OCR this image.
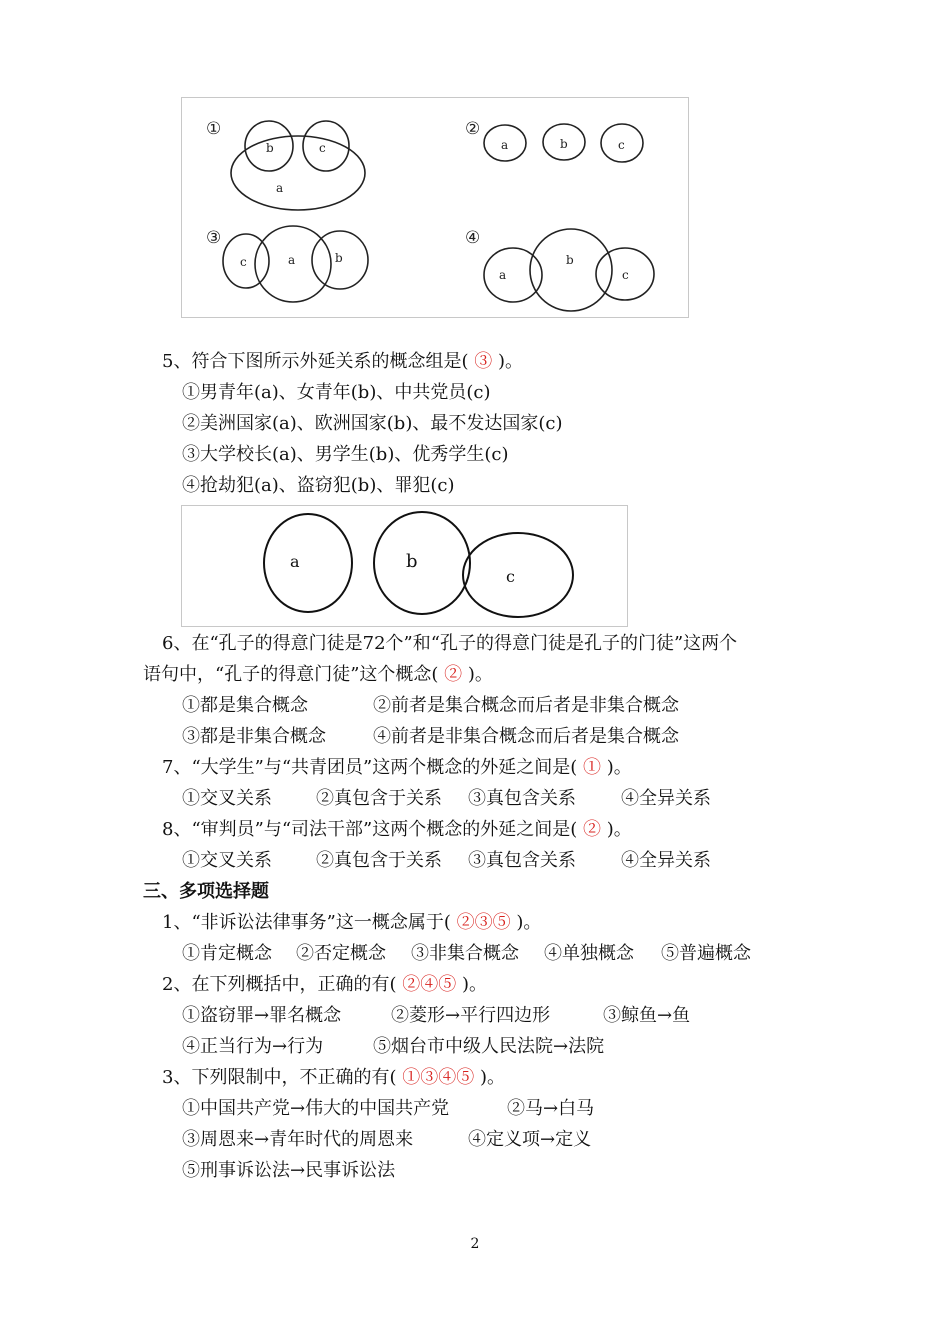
①
b	c
a
②
a	b	c
③
c	a	b
④
a
b
c
5、符合下图所示外延关系的概念组是( ③ )。
①男青年(a)、女青年(b)、中共党员(c)
②美洲国家(a)、欧洲国家(b)、最不发达国家(c)
③大学校长(a)、男学生(b)、优秀学生(c)
④抢劫犯(a)、盗窃犯(b)、罪犯(c)
a	b
c
6、在“孔子的得意门徒是72个”和“孔子的得意门徒是孔子的门徒”这两个
语句中，“孔子的得意门徒”这个概念( ② )。
①都是集合概念	②前者是集合概念而后者是非集合概念
③都是非集合概念	④前者是非集合概念而后者是集合概念
7、“大学生”与“共青团员”这两个概念的外延之间是( ① )。
①交叉关系 ②真包含于关系 ③真包含关系	④全异关系
8、“审判员”与“司法干部”这两个概念的外延之间是( ② )。
①交叉关系 ②真包含于关系 ③真包含关系	④全异关系
三、多项选择题
1、“非诉讼法律事务”这一概念属于( ②③⑤ )。
①肯定概念 ②否定概念 ③非集合概念 ④单独概念 ⑤普遍概念
2、在下列概括中，正确的有( ②④⑤ )。
①盗窃罪→罪名概念	②菱形→平行四边形	③鲸鱼→鱼
④正当行为→行为	⑤烟台市中级人民法院→法院
3、下列限制中，不正确的有( ①③④⑤ )。
①中国共产党→伟大的中国共产党	②马→白马
③周恩来→青年时代的周恩来	④定义项→定义
⑤刑事诉讼法→民事诉讼法
2
